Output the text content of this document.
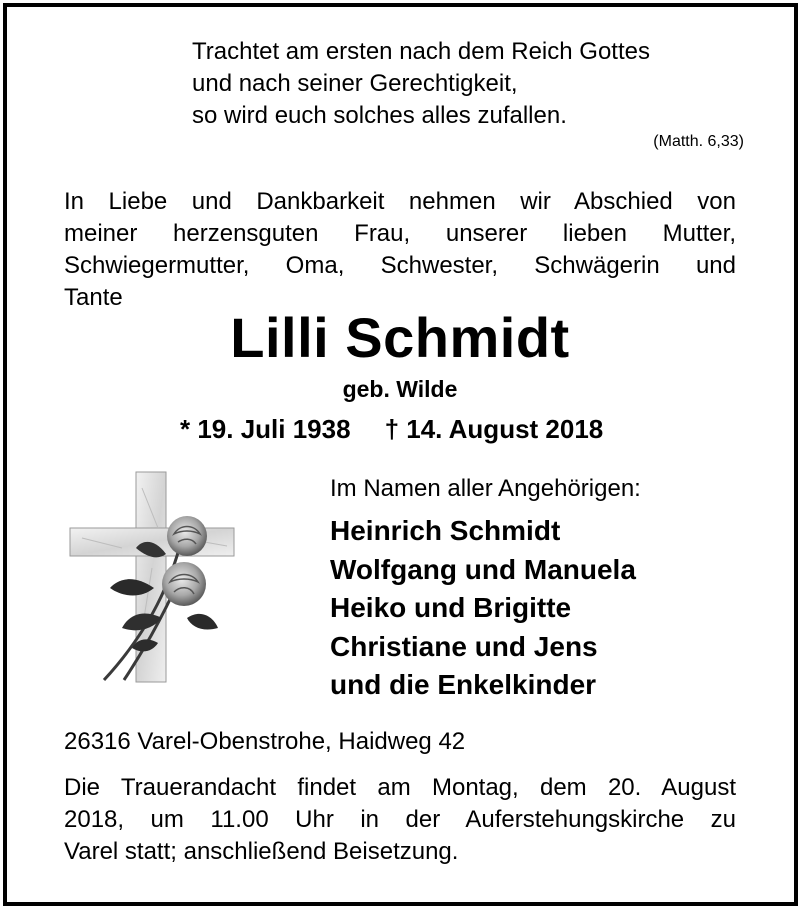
Trachtet am ersten nach dem Reich Gottes
und nach seiner Gerechtigkeit,
so wird euch solches alles zufallen.
(Matth. 6,33)
In Liebe und Dankbarkeit nehmen wir Abschied von
meiner herzensguten Frau, unserer lieben Mutter,
Schwiegermutter, Oma, Schwester, Schwägerin und
Tante
Lilli Schmidt
geb. Wilde
* 19. Juli 1938 † 14. August 2018
Im Namen aller Angehörigen:
Heinrich Schmidt
Wolfgang und Manuela
Heiko und Brigitte
Christiane und Jens
und die Enkelkinder
26316 Varel-Obenstrohe, Haidweg 42
Die Trauerandacht findet am Montag, dem 20. August
2018, um 11.00 Uhr in der Auferstehungskirche zu
Varel statt; anschließend Beisetzung.
